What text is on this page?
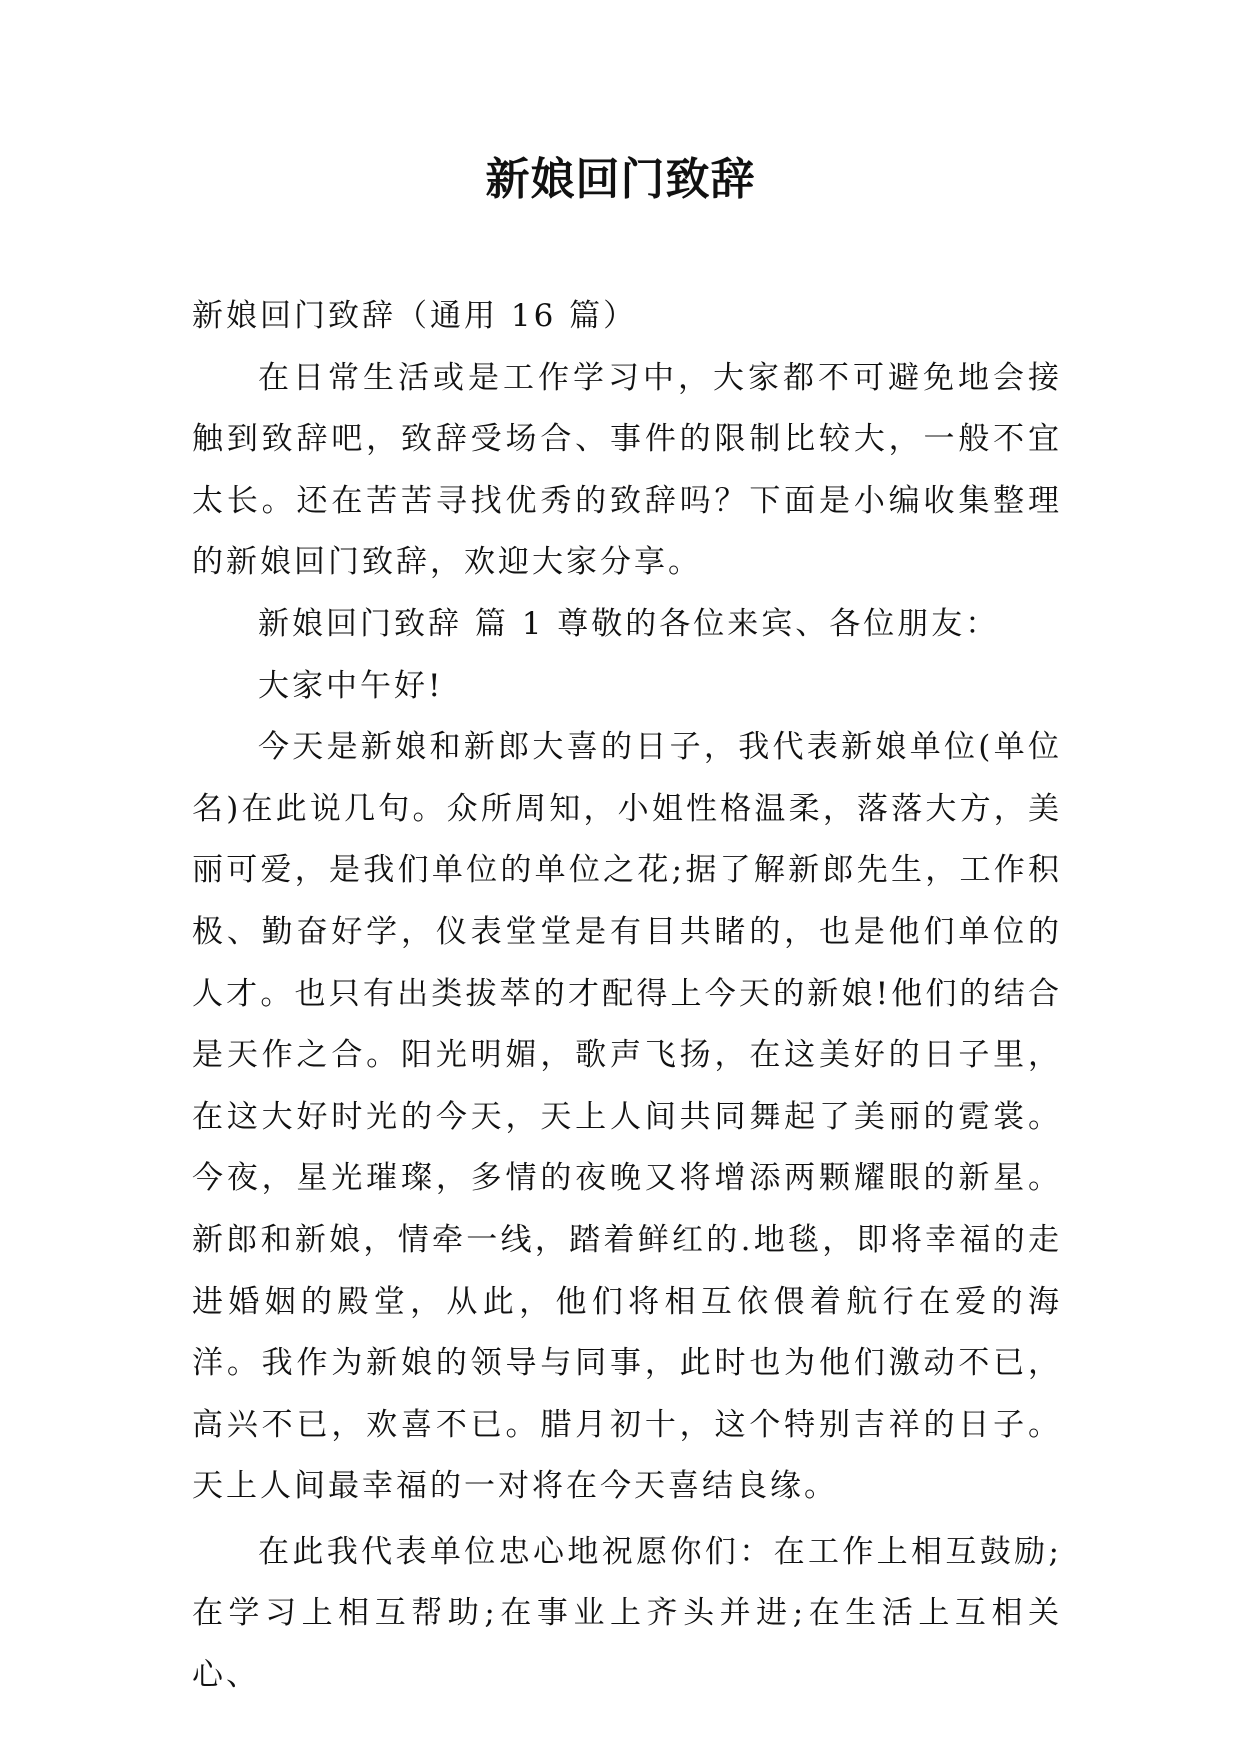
新娘回门致辞

新娘回门致辞（通用 16 篇）

在日常生活或是工作学习中，大家都不可避免地会接触到致辞吧，致辞受场合、事件的限制比较大，一般不宜太长。还在苦苦寻找优秀的致辞吗？下面是小编收集整理的新娘回门致辞，欢迎大家分享。

新娘回门致辞 篇 1 尊敬的各位来宾、各位朋友：

大家中午好!

今天是新娘和新郎大喜的日子，我代表新娘单位(单位名)在此说几句。众所周知，小姐性格温柔，落落大方，美丽可爱，是我们单位的单位之花;据了解新郎先生，工作积极、勤奋好学，仪表堂堂是有目共睹的，也是他们单位的人才。也只有出类拔萃的才配得上今天的新娘!他们的结合是天作之合。阳光明媚，歌声飞扬，在这美好的日子里，在这大好时光的今天，天上人间共同舞起了美丽的霓裳。今夜，星光璀璨，多情的夜晚又将增添两颗耀眼的新星。新郎和新娘，情牵一线，踏着鲜红的.地毯，即将幸福的走进婚姻的殿堂，从此，他们将相互依偎着航行在爱的海洋。我作为新娘的领导与同事，此时也为他们激动不已，高兴不已，欢喜不已。腊月初十，这个特别吉祥的日子。天上人间最幸福的一对将在今天喜结良缘。

在此我代表单位忠心地祝愿你们：在工作上相互鼓励;在学习上相互帮助;在事业上齐头并进;在生活上互相关心、
